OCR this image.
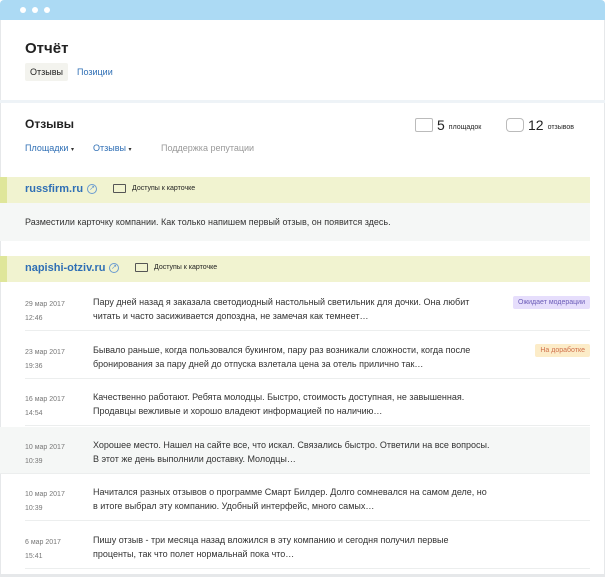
Отчёт
Отзывы	Позиции
Отзывы	5 площадок	12 отзывов
Площадки ▾ Отзывы ▾	Поддержка репутации
russfirm.ru ↗	Доступы к карточке
Разместили карточку компании. Как только напишем первый отзыв, он появится здесь.
napishi-otziv.ru ↗	Доступы к карточке
29 мар 2017
12:46
Пару дней назад я заказала светодиодный настольный светильник для дочки. Она любит читать и часто засиживается допоздна, не замечая как темнеет…
Ожидает модерации
23 мар 2017
19:36
Бывало раньше, когда пользовался букингом, пару раз возникали сложности, когда после бронирования за пару дней до отпуска взлетала цена за отель прилично так…
На доработке
16 мар 2017
14:54
Качественно работают. Ребята молодцы. Быстро, стоимость доступная, не завышенная. Продавцы вежливые и хорошо владеют информацией по наличию…
10 мар 2017
10:39
Хорошее место. Нашел на сайте все, что искал. Связались быстро. Ответили на все вопросы. В этот же день выполнили доставку. Молодцы…
10 мар 2017
10:39
Начитался разных отзывов о программе Смарт Билдер. Долго сомневался на самом деле, но в итоге выбрал эту компанию. Удобный интерфейс, много самых…
6 мар 2017
15:41
Пишу отзыв - три месяца назад вложился в эту компанию и сегодня получил первые проценты, так что полет нормальнай пока что…
